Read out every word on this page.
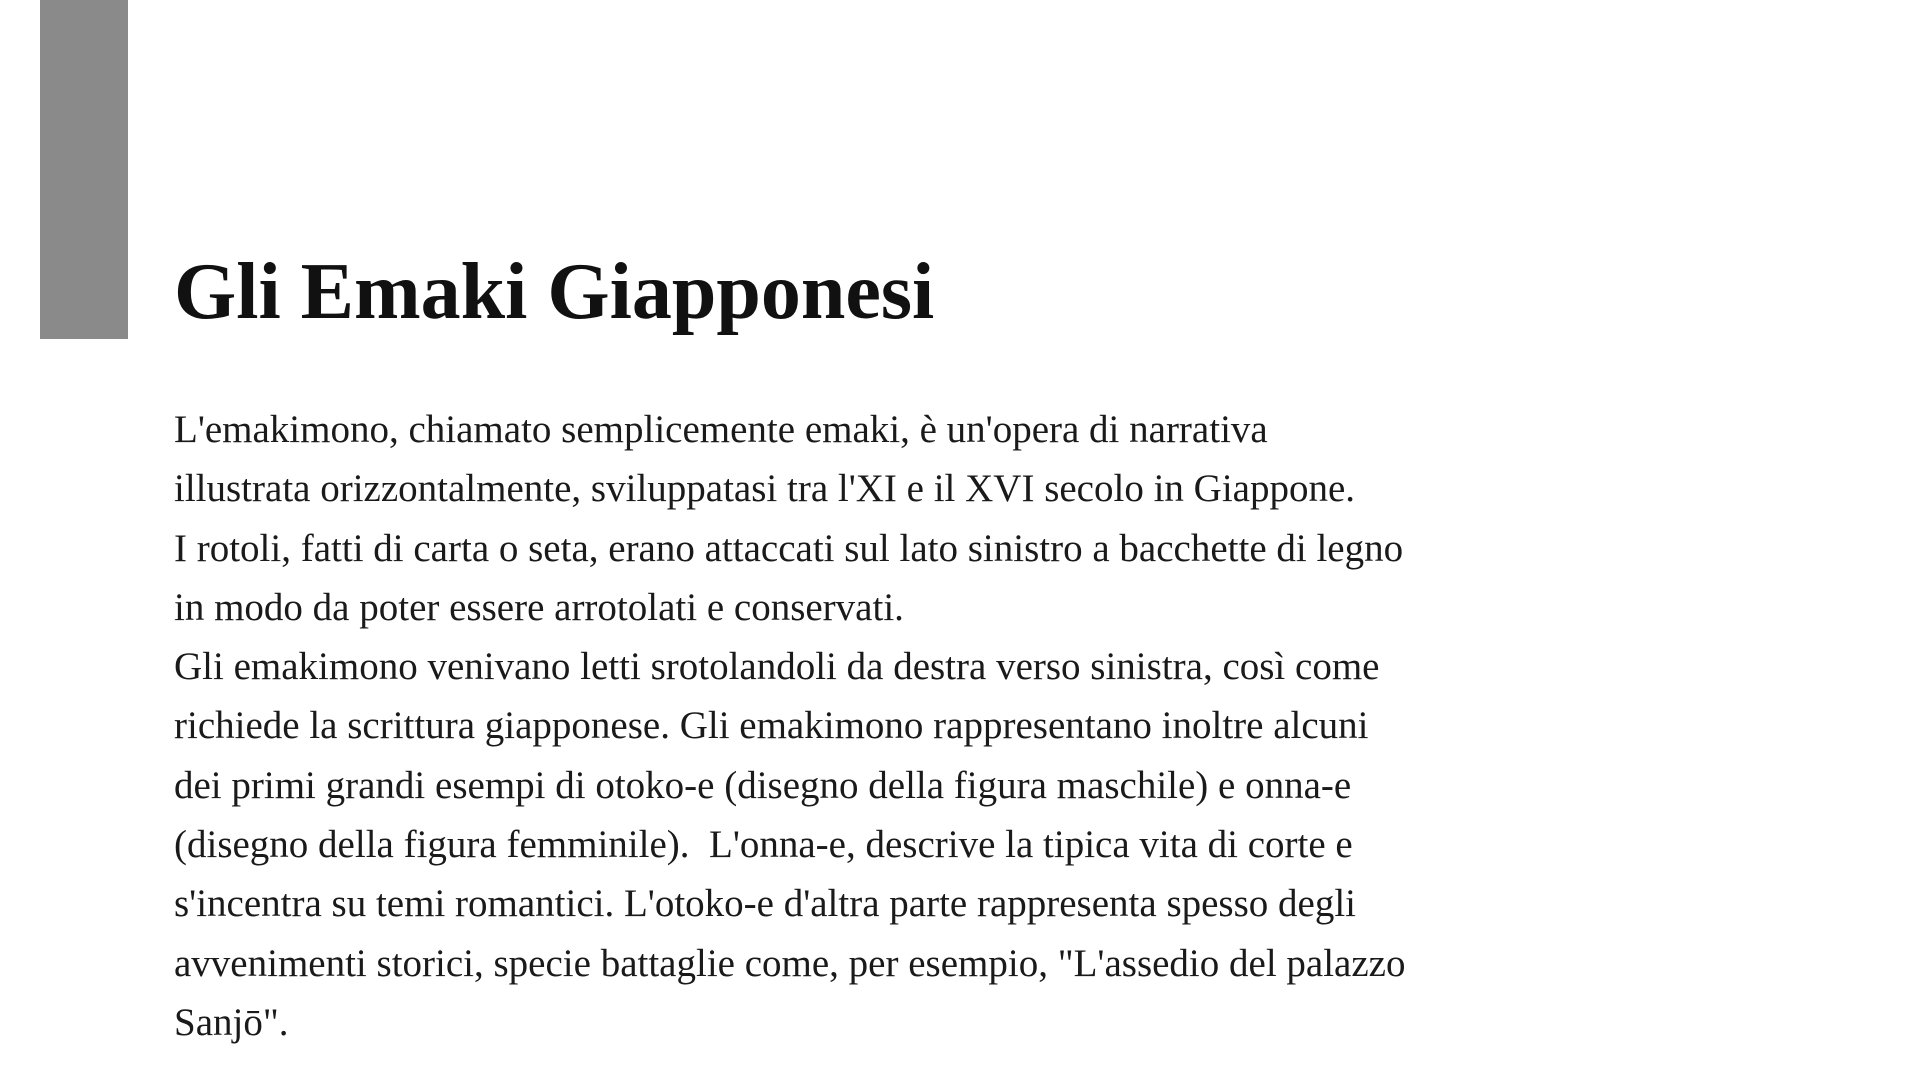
Gli Emaki Giapponesi
L'emakimono, chiamato semplicemente emaki, è un'opera di narrativa
illustrata orizzontalmente, sviluppatasi tra l'XI e il XVI secolo in Giappone.
I rotoli, fatti di carta o seta, erano attaccati sul lato sinistro a bacchette di legno
in modo da poter essere arrotolati e conservati.
Gli emakimono venivano letti srotolandoli da destra verso sinistra, così come
richiede la scrittura giapponese. Gli emakimono rappresentano inoltre alcuni
dei primi grandi esempi di otoko-e (disegno della figura maschile) e onna-e
(disegno della figura femminile).  L'onna-e, descrive la tipica vita di corte e
s'incentra su temi romantici. L'otoko-e d'altra parte rappresenta spesso degli
avvenimenti storici, specie battaglie come, per esempio, "L'assedio del palazzo
Sanjō".
